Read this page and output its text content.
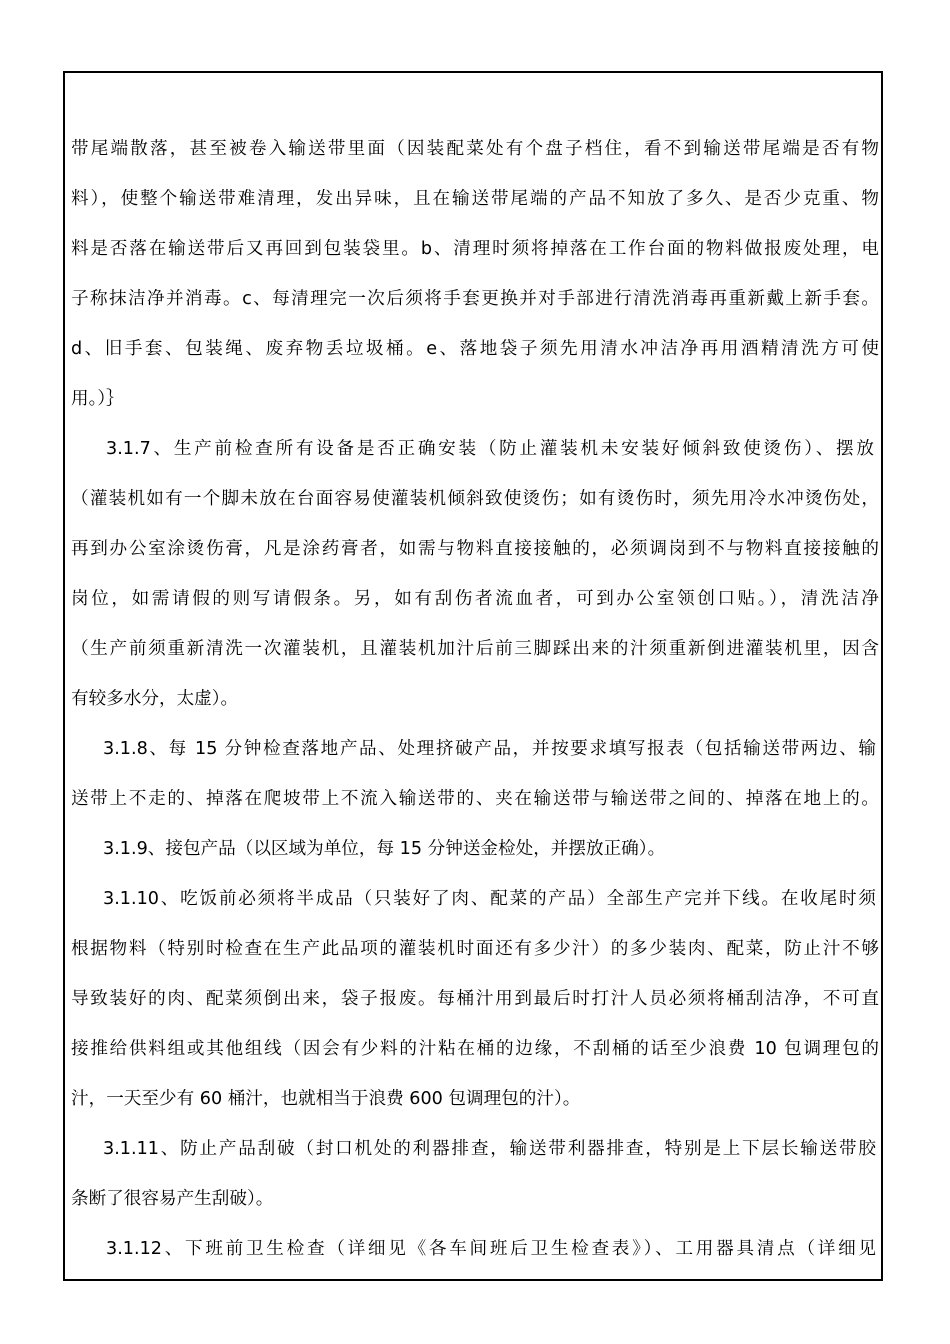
带尾端散落，甚至被卷入输送带里面（因装配菜处有个盘子档住，看不到输送带尾端是否有物
料），使整个输送带难清理，发出异味，且在输送带尾端的产品不知放了多久、是否少克重、物
料是否落在输送带后又再回到包装袋里。b、清理时须将掉落在工作台面的物料做报废处理，电
子称抹洁净并消毒。c、每清理完一次后须将手套更换并对手部进行清洗消毒再重新戴上新手套。
d、旧手套、包装绳、废弃物丢垃圾桶。e、落地袋子须先用清水冲洁净再用酒精清洗方可使
用。）｝
3.1.7、生产前检查所有设备是否正确安装（防止灌装机未安装好倾斜致使烫伤）、摆放
（灌装机如有一个脚未放在台面容易使灌装机倾斜致使烫伤；如有烫伤时，须先用冷水冲烫伤处，
再到办公室涂烫伤膏，凡是涂药膏者，如需与物料直接接触的，必须调岗到不与物料直接接触的
岗位，如需请假的则写请假条。另，如有刮伤者流血者，可到办公室领创口贴。），清洗洁净
（生产前须重新清洗一次灌装机，且灌装机加汁后前三脚踩出来的汁须重新倒进灌装机里，因含
有较多水分，太虚）。
3.1.8、每 15 分钟检查落地产品、处理挤破产品，并按要求填写报表（包括输送带两边、输
送带上不走的、掉落在爬坡带上不流入输送带的、夹在输送带与输送带之间的、掉落在地上的。
3.1.9、接包产品（以区域为单位，每 15 分钟送金检处，并摆放正确）。
3.1.10、吃饭前必须将半成品（只装好了肉、配菜的产品）全部生产完并下线。在收尾时须
根据物料（特别时检查在生产此品项的灌装机时面还有多少汁）的多少装肉、配菜，防止汁不够
导致装好的肉、配菜须倒出来，袋子报废。每桶汁用到最后时打汁人员必须将桶刮洁净，不可直
接推给供料组或其他组线（因会有少料的汁粘在桶的边缘，不刮桶的话至少浪费 10 包调理包的
汁，一天至少有 60 桶汁，也就相当于浪费 600 包调理包的汁）。
3.1.11、防止产品刮破（封口机处的利器排查，输送带利器排查，特别是上下层长输送带胶
条断了很容易产生刮破）。
3.1.12、下班前卫生检查（详细见《各车间班后卫生检查表》）、工用器具清点（详细见
